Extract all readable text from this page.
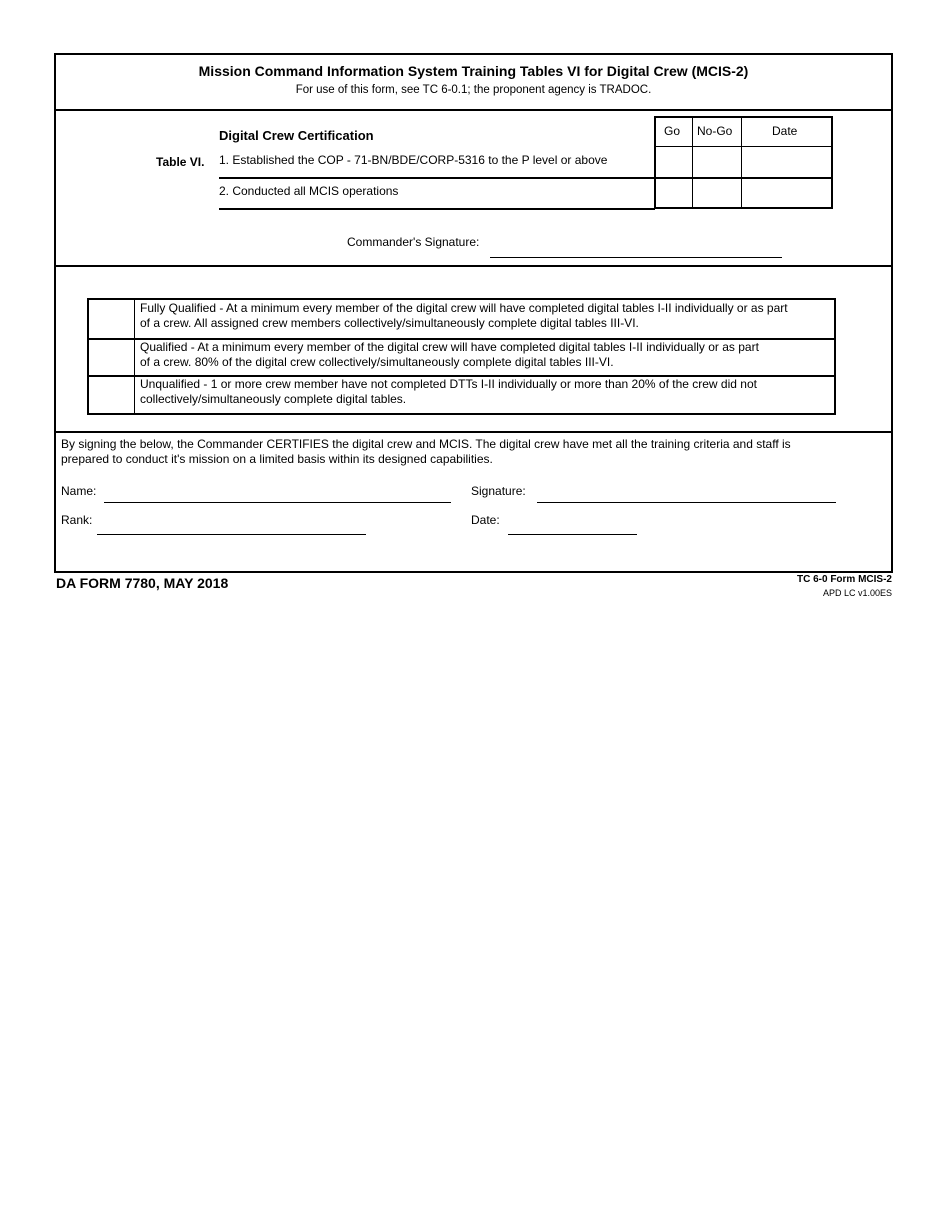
Mission Command Information System Training Tables VI for Digital Crew (MCIS-2)
For use of this form, see TC 6-0.1; the proponent agency is TRADOC.
Table VI.
Digital Crew Certification	Go No-Go	Date
1. Established the COP - 71-BN/BDE/CORP-5316 to the P level or above
2. Conducted all MCIS operations
Commander's Signature:
Fully Qualified - At a minimum every member of the digital crew will have completed digital tables I-II individually or as part
of a crew. All assigned crew members collectively/simultaneously complete digital tables III-VI.
Qualified - At a minimum every member of the digital crew will have completed digital tables I-II individually or as part
of a crew. 80% of the digital crew collectively/simultaneously complete digital tables III-VI.
Unqualified - 1 or more crew member have not completed DTTs I-II individually or more than 20% of the crew did not
collectively/simultaneously complete digital tables.
By signing the below, the Commander CERTIFIES the digital crew and MCIS. The digital crew have met all the training criteria and staff is
prepared to conduct it's mission on a limited basis within its designed capabilities.
Name:	Signature:
Rank:	Date:
DA FORM 7780, MAY 2018	TC 6-0 Form MCIS-2
APD LC v1.00ES
